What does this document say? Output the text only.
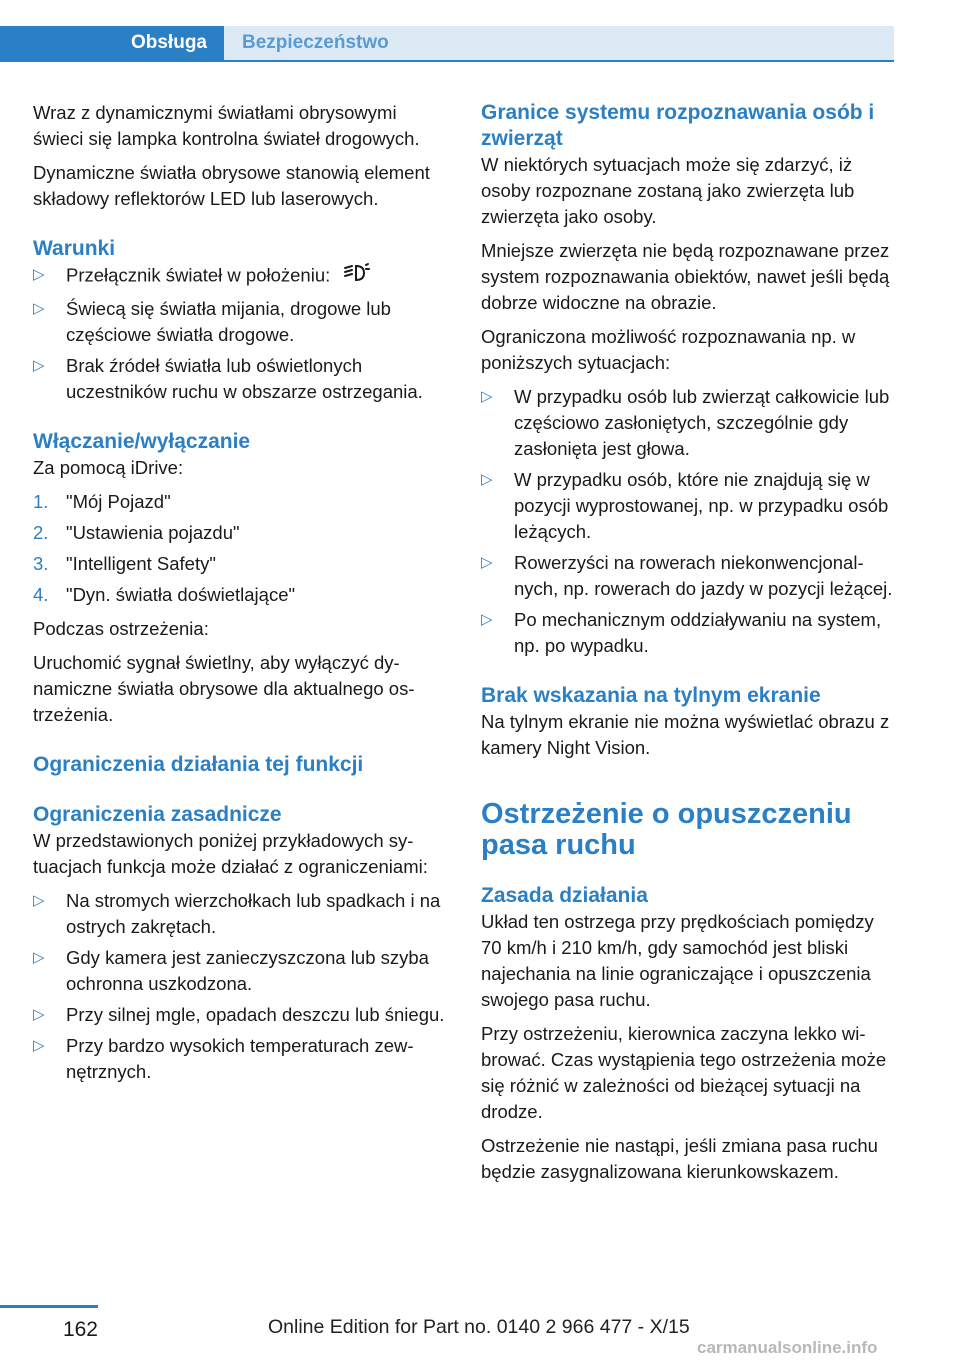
Obsługa Bezpieczeństwo

Wraz z dynamicznymi światłami obrysowymi świeci się lampka kontrolna świateł drogowych.

Dynamiczne światła obrysowe stanowią element składowy reflektorów LED lub laserowych.

Warunki
▷ Przełącznik świateł w położeniu:
▷ Świecą się światła mijania, drogowe lub częściowe światła drogowe.
▷ Brak źródeł światła lub oświetlonych uczestników ruchu w obszarze ostrzegania.
Włączanie/wyłączanie

Za pomocą iDrive:

1. "Mój Pojazd"
2. "Ustawienia pojazdu"
3. "Intelligent Safety"
4. "Dyn. światła doświetlające"

Podczas ostrzeżenia:

Uruchomić sygnał świetlny, aby wyłączyć dynamiczne światła obrysowe dla aktualnego ostrzeżenia.

Ograniczenia działania tej funkcji
Ograniczenia zasadnicze

W przedstawionych poniżej przykładowych sytuacjach funkcja może działać z ograniczeniami:

▷ Na stromych wierzchołkach lub spadkach i na ostrych zakrętach.
▷ Gdy kamera jest zanieczyszczona lub szyba ochronna uszkodzona.
▷ Przy silnej mgle, opadach deszczu lub śniegu.
▷ Przy bardzo wysokich temperaturach zewnętrznych.
Granice systemu rozpoznawania osób i zwierząt

W niektórych sytuacjach może się zdarzyć, iż osoby rozpoznane zostaną jako zwierzęta lub zwierzęta jako osoby.

Mniejsze zwierzęta nie będą rozpoznawane przez system rozpoznawania obiektów, nawet jeśli będą dobrze widoczne na obrazie.

Ograniczona możliwość rozpoznawania np. w poniższych sytuacjach:

▷ W przypadku osób lub zwierząt całkowicie lub częściowo zasłoniętych, szczególnie gdy zasłonięta jest głowa.
▷ W przypadku osób, które nie znajdują się w pozycji wyprostowanej, np. w przypadku osób leżących.
▷ Rowerzyści na rowerach niekonwencjonalnych, np. rowerach do jazdy w pozycji leżącej.
▷ Po mechanicznym oddziaływaniu na system, np. po wypadku.
Brak wskazania na tylnym ekranie

Na tylnym ekranie nie można wyświetlać obrazu z kamery Night Vision.

Ostrzeżenie o opuszczeniu pasa ruchu
Zasada działania

Układ ten ostrzega przy prędkościach pomiędzy 70 km/h i 210 km/h, gdy samochód jest bliski najechania na linie ograniczające i opuszczenia swojego pasa ruchu.

Przy ostrzeżeniu, kierownica zaczyna lekko wibrować. Czas wystąpienia tego ostrzeżenia może się różnić w zależności od bieżącej sytuacji na drodze.

Ostrzeżenie nie nastąpi, jeśli zmiana pasa ruchu będzie zasygnalizowana kierunkowskazem.

162	Online Edition for Part no. 0140 2 966 477 - X/15
carmanualsonline.info
